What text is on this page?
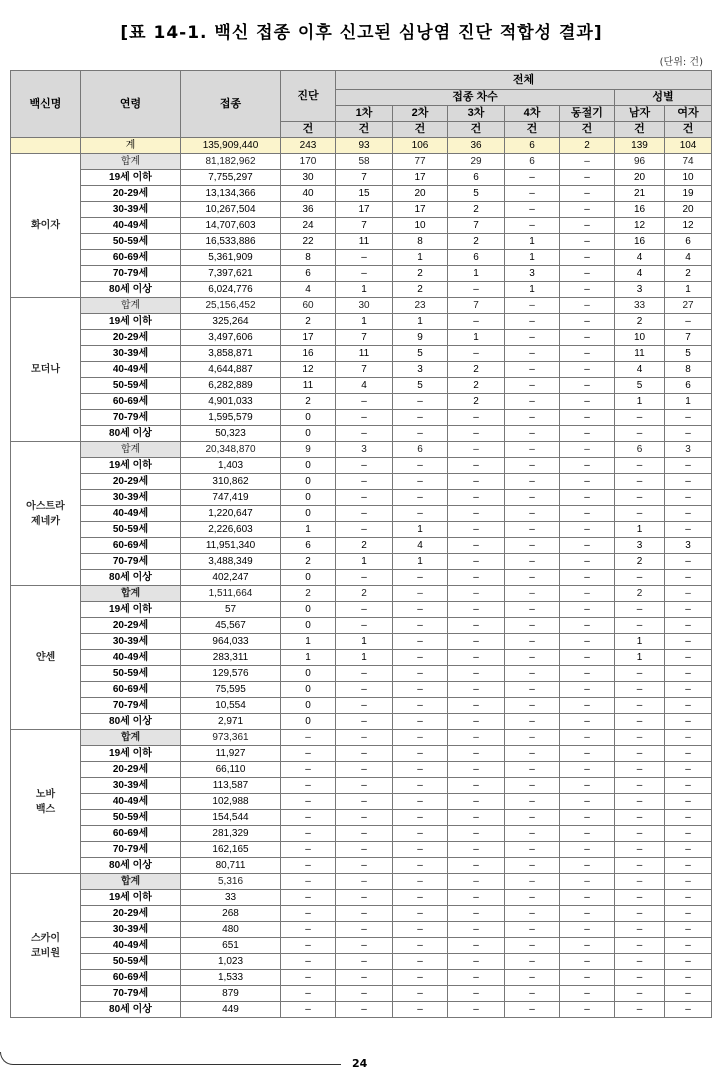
[표 14-1. 백신 접종 이후 신고된 심낭염 진단 적합성 결과]
(단위: 건)
백신명	연령	접종	진단	전체						
				접종 차수					성별	
				1차	2차	3차	4차	동절기	남자	여자
			건	건	건	건	건	건	건	건
	계	135,909,440	243	93	106	36	6	2	139	104
화이자	합계	81,182,962	170	58	77	29	6	–	96	74
	19세 이하	7,755,297	30	7	17	6	–	–	20	10
	20-29세	13,134,366	40	15	20	5	–	–	21	19
	30-39세	10,267,504	36	17	17	2	–	–	16	20
	40-49세	14,707,603	24	7	10	7	–	–	12	12
	50-59세	16,533,886	22	11	8	2	1	–	16	6
	60-69세	5,361,909	8	–	1	6	1	–	4	4
	70-79세	7,397,621	6	–	2	1	3	–	4	2
	80세 이상	6,024,776	4	1	2	–	1	–	3	1
모더나	합계	25,156,452	60	30	23	7	–	–	33	27
	19세 이하	325,264	2	1	1	–	–	–	2	–
	20-29세	3,497,606	17	7	9	1	–	–	10	7
	30-39세	3,858,871	16	11	5	–	–	–	11	5
	40-49세	4,644,887	12	7	3	2	–	–	4	8
	50-59세	6,282,889	11	4	5	2	–	–	5	6
	60-69세	4,901,033	2	–	–	2	–	–	1	1
	70-79세	1,595,579	0	–	–	–	–	–	–	–
	80세 이상	50,323	0	–	–	–	–	–	–	–
아스트라
제네카	합계	20,348,870	9	3	6	–	–	–	6	3
	19세 이하	1,403	0	–	–	–	–	–	–	–
	20-29세	310,862	0	–	–	–	–	–	–	–
	30-39세	747,419	0	–	–	–	–	–	–	–
	40-49세	1,220,647	0	–	–	–	–	–	–	–
	50-59세	2,226,603	1	–	1	–	–	–	1	–
	60-69세	11,951,340	6	2	4	–	–	–	3	3
	70-79세	3,488,349	2	1	1	–	–	–	2	–
	80세 이상	402,247	0	–	–	–	–	–	–	–
얀센	합계	1,511,664	2	2	–	–	–	–	2	–
	19세 이하	57	0	–	–	–	–	–	–	–
	20-29세	45,567	0	–	–	–	–	–	–	–
	30-39세	964,033	1	1	–	–	–	–	1	–
	40-49세	283,311	1	1	–	–	–	–	1	–
	50-59세	129,576	0	–	–	–	–	–	–	–
	60-69세	75,595	0	–	–	–	–	–	–	–
	70-79세	10,554	0	–	–	–	–	–	–	–
	80세 이상	2,971	0	–	–	–	–	–	–	–
노바
백스	합계	973,361	–	–	–	–	–	–	–	–
	19세 이하	11,927	–	–	–	–	–	–	–	–
	20-29세	66,110	–	–	–	–	–	–	–	–
	30-39세	113,587	–	–	–	–	–	–	–	–
	40-49세	102,988	–	–	–	–	–	–	–	–
	50-59세	154,544	–	–	–	–	–	–	–	–
	60-69세	281,329	–	–	–	–	–	–	–	–
	70-79세	162,165	–	–	–	–	–	–	–	–
	80세 이상	80,711	–	–	–	–	–	–	–	–
스카이
코비원	합계	5,316	–	–	–	–	–	–	–	–
	19세 이하	33	–	–	–	–	–	–	–	–
	20-29세	268	–	–	–	–	–	–	–	–
	30-39세	480	–	–	–	–	–	–	–	–
	40-49세	651	–	–	–	–	–	–	–	–
	50-59세	1,023	–	–	–	–	–	–	–	–
	60-69세	1,533	–	–	–	–	–	–	–	–
	70-79세	879	–	–	–	–	–	–	–	–
	80세 이상	449	–	–	–	–	–	–	–	–
24
